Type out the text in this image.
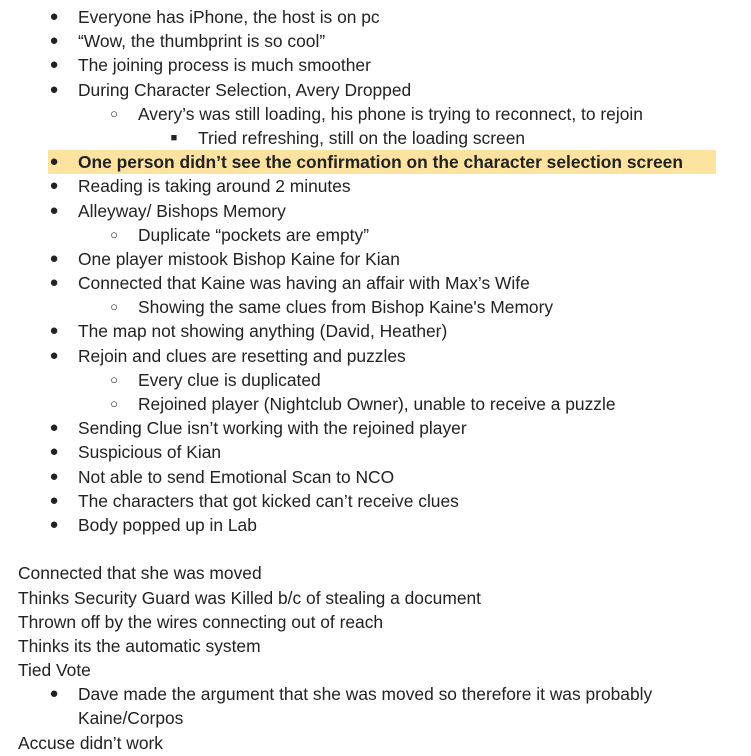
● Everyone has iPhone, the host is on pc
● “Wow, the thumbprint is so cool”
● The joining process is much smoother
● During Character Selection, Avery Dropped
○ Avery’s was still loading, his phone is trying to reconnect, to rejoin
■	Tried refreshing, still on the loading screen
● One person didn’t see the confirmation on the character selection screen
● Reading is taking around 2 minutes
● Alleyway/ Bishops Memory
○ Duplicate “pockets are empty”
● One player mistook Bishop Kaine for Kian
● Connected that Kaine was having an affair with Max’s Wife
○ Showing the same clues from Bishop Kaine's Memory
● The map not showing anything (David, Heather)
● Rejoin and clues are resetting and puzzles
○ Every clue is duplicated
○ Rejoined player (Nightclub Owner), unable to receive a puzzle
● Sending Clue isn’t working with the rejoined player
● Suspicious of Kian
● Not able to send Emotional Scan to NCO
● The characters that got kicked can’t receive clues
● Body popped up in Lab
Connected that she was moved
Thinks Security Guard was Killed b/c of stealing a document
Thrown off by the wires connecting out of reach
Thinks its the automatic system
Tied Vote
● Dave made the argument that she was moved so therefore it was probably
Kaine/Corpos
Accuse didn’t work
